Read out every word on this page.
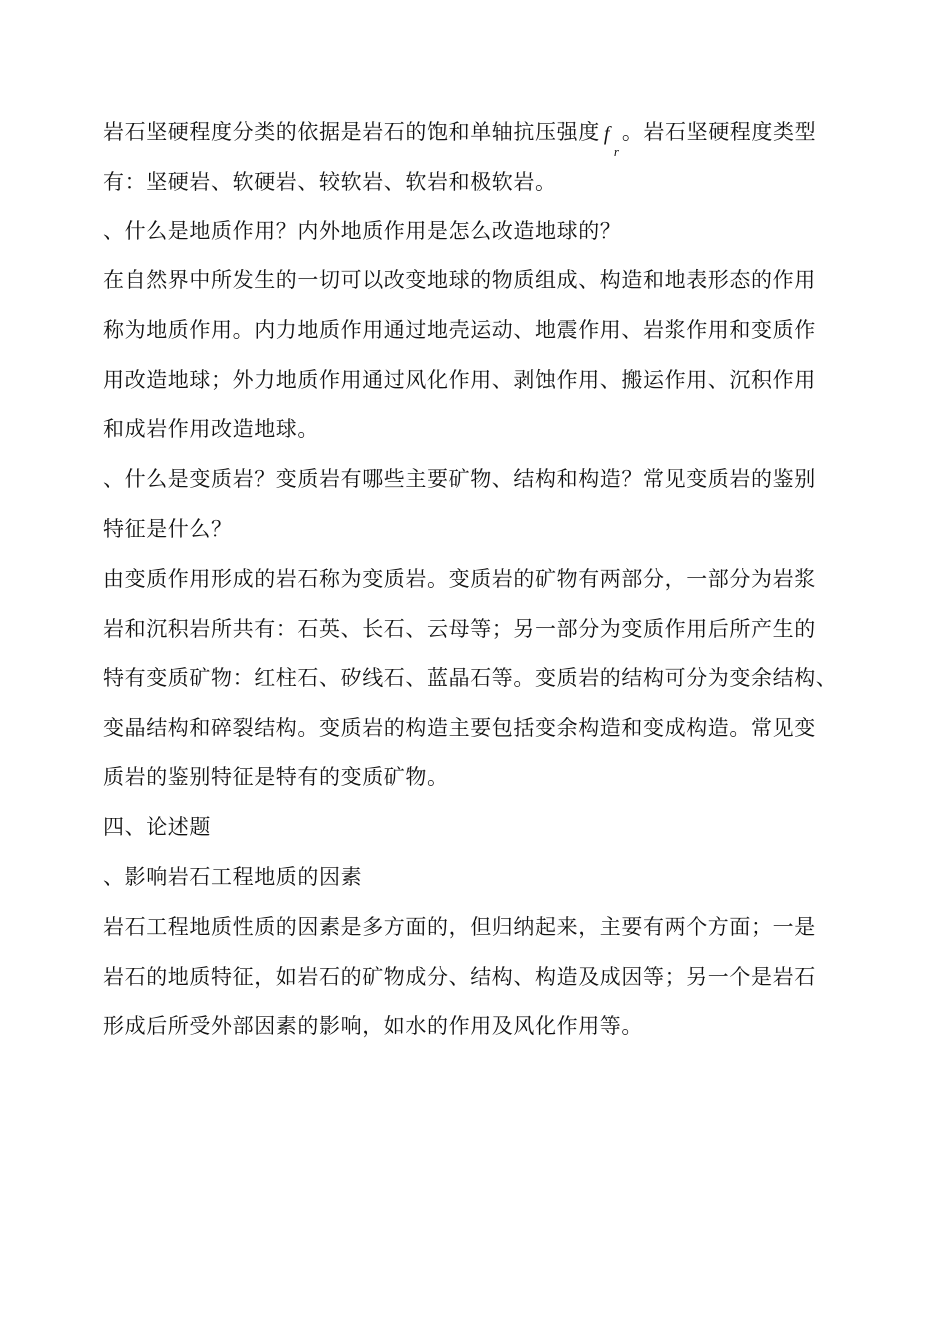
岩石坚硬程度分类的依据是岩石的饱和单轴抗压强度 f
r
。岩石坚硬程度类型
有：坚硬岩、软硬岩、较软岩、软岩和极软岩。
、什么是地质作用？内外地质作用是怎么改造地球的？
在自然界中所发生的一切可以改变地球的物质组成、构造和地表形态的作用
称为地质作用。内力地质作用通过地壳运动、地震作用、岩浆作用和变质作
用改造地球；外力地质作用通过风化作用、剥蚀作用、搬运作用、沉积作用
和成岩作用改造地球。
、什么是变质岩？变质岩有哪些主要矿物、结构和构造？常见变质岩的鉴别
特征是什么？
由变质作用形成的岩石称为变质岩。变质岩的矿物有两部分，一部分为岩浆
岩和沉积岩所共有：石英、长石、云母等；另一部分为变质作用后所产生的
特有变质矿物：红柱石、矽线石、蓝晶石等。变质岩的结构可分为变余结构、
变晶结构和碎裂结构。变质岩的构造主要包括变余构造和变成构造。常见变
质岩的鉴别特征是特有的变质矿物。
四、论述题
、影响岩石工程地质的因素
岩石工程地质性质的因素是多方面的，但归纳起来，主要有两个方面；一是
岩石的地质特征，如岩石的矿物成分、结构、构造及成因等；另一个是岩石
形成后所受外部因素的影响，如水的作用及风化作用等。
